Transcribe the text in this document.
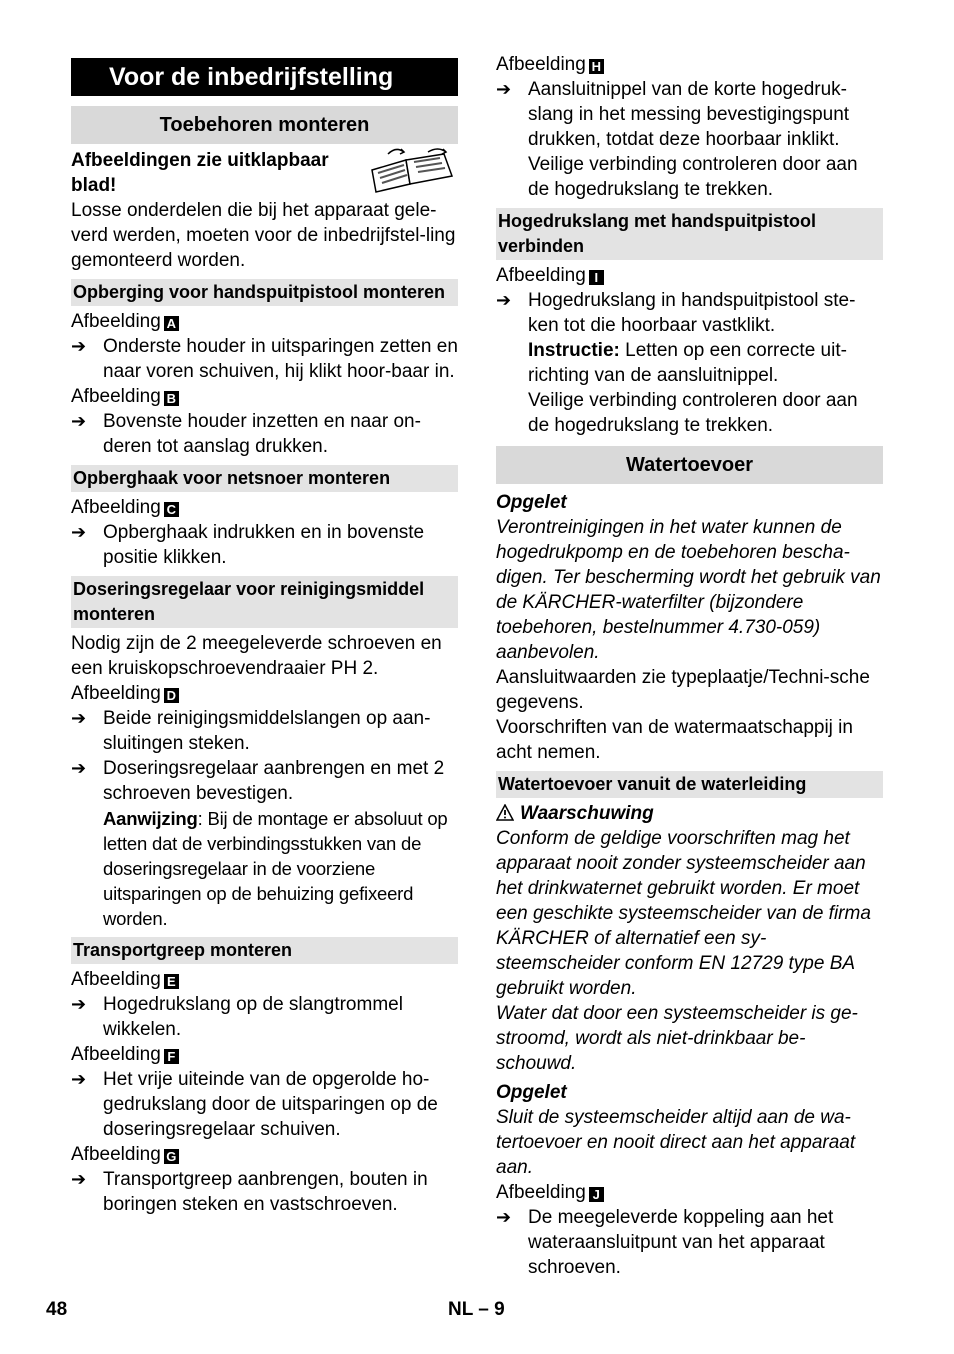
Voor de inbedrijfstelling
Toebehoren monteren

Afbeeldingen zie uitklapbaar blad!

Losse onderdelen die bij het apparaat gele-verd werden, moeten voor de inbedrijfstel-ling gemonteerd worden.

Opberging voor handspuitpistool monteren

Afbeelding A

➔ Onderste houder in uitsparingen zetten en naar voren schuiven, hij klikt hoor-baar in.

Afbeelding B

➔ Bovenste houder inzetten en naar on-deren tot aanslag drukken.
Opberghaak voor netsnoer monteren

Afbeelding C

➔ Opberghaak indrukken en in bovenste positie klikken.
Doseringsregelaar voor reinigingsmiddel monteren

Nodig zijn de 2 meegeleverde schroeven en een kruiskopschroevendraaier PH 2.

Afbeelding D

➔ Beide reinigingsmiddelslangen op aan-sluitingen steken.
➔ Doseringsregelaar aanbrengen en met 2 schroeven bevestigen.
Aanwijzing: Bij de montage er absoluut op letten dat de verbindingsstukken van de doseringsregelaar in de voorziene uitsparingen op de behuizing gefixeerd worden.
Transportgreep monteren

Afbeelding E

➔ Hogedrukslang op de slangtrommel wikkelen.

Afbeelding F

➔ Het vrije uiteinde van de opgerolde ho-gedrukslang door de uitsparingen op de doseringsregelaar schuiven.

Afbeelding G

➔ Transportgreep aanbrengen, bouten in boringen steken en vastschroeven.

Afbeelding H

➔ Aansluitnippel van de korte hogedruk-slang in het messing bevestigingspunt drukken, totdat deze hoorbaar inklikt.
Veilige verbinding controleren door aan de hogedrukslang te trekken.
Hogedrukslang met handspuitpistool verbinden

Afbeelding I

➔ Hogedrukslang in handspuitpistool ste-ken tot die hoorbaar vastklikt.
Instructie: Letten op een correcte uit-richting van de aansluitnippel.
Veilige verbinding controleren door aan de hogedrukslang te trekken.
Watertoevoer

Opgelet

Verontreinigingen in het water kunnen de hogedrukpomp en de toebehoren bescha-digen. Ter bescherming wordt het gebruik van de KÄRCHER-waterfilter (bijzondere toebehoren, bestelnummer 4.730-059) aanbevolen.

Aansluitwaarden zie typeplaatje/Techni-sche gegevens.

Voorschriften van de watermaatschappij in acht nemen.

Watertoevoer vanuit de waterleiding

Waarschuwing

Conform de geldige voorschriften mag het apparaat nooit zonder systeemscheider aan het drinkwaternet gebruikt worden. Er moet een geschikte systeemscheider van de firma KÄRCHER of alternatief een sy-steemscheider conform EN 12729 type BA gebruikt worden.

Water dat door een systeemscheider is ge-stroomd, wordt als niet-drinkbaar be-schouwd.

Opgelet

Sluit de systeemscheider altijd aan de wa-tertoevoer en nooit direct aan het apparaat aan.

Afbeelding J

➔ De meegeleverde koppeling aan het wateraansluitpunt van het apparaat schroeven.
48	NL – 9
